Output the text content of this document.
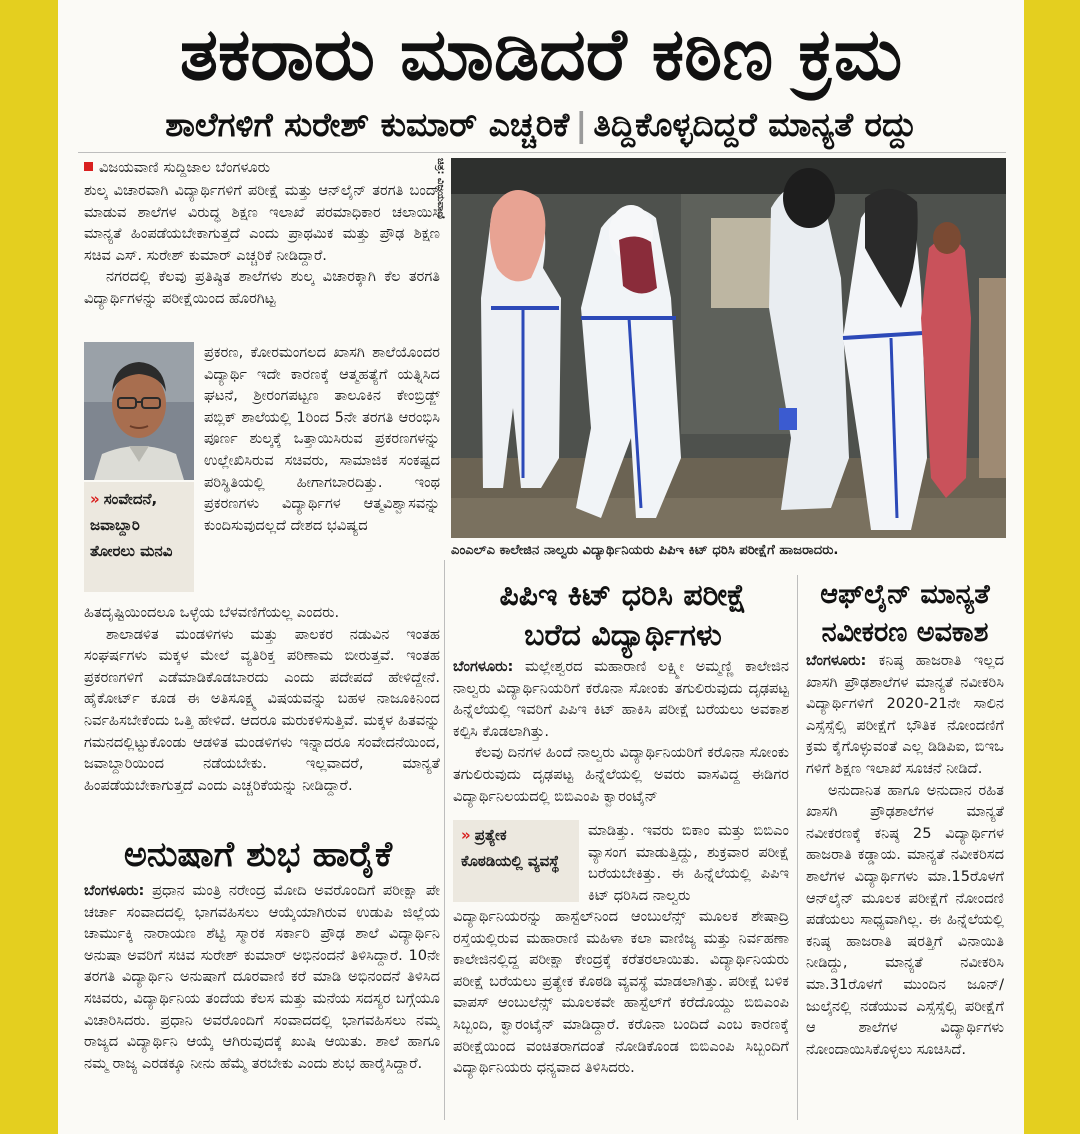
ತಕರಾರು ಮಾಡಿದರೆ ಕಠಿಣ ಕ್ರಮ
ಶಾಲೆಗಳಿಗೆ ಸುರೇಶ್ ಕುಮಾರ್ ಎಚ್ಚರಿಕೆ | ತಿದ್ದಿಕೊಳ್ಳದಿದ್ದರೆ ಮಾನ್ಯತೆ ರದ್ದು
ವಿಜಯವಾಣಿ ಸುದ್ದಿಜಾಲ ಬೆಂಗಳೂರು	ಚಿತ್ರ: ವಿಜಯವಾಣಿ

ಶುಲ್ಕ ವಿಚಾರವಾಗಿ ವಿದ್ಯಾರ್ಥಿಗಳಿಗೆ ಪರೀಕ್ಷೆ ಮತ್ತು ಆನ್‌ಲೈನ್ ತರಗತಿ ಬಂದ್ ಮಾಡುವ ಶಾಲೆಗಳ ವಿರುದ್ಧ ಶಿಕ್ಷಣ ಇಲಾಖೆ ಪರಮಾಧಿಕಾರ ಚಲಾಯಿಸಿ ಮಾನ್ಯತೆ ಹಿಂಪಡೆಯಬೇಕಾಗುತ್ತದೆ ಎಂದು ಪ್ರಾಥಮಿಕ ಮತ್ತು ಪ್ರೌಢ ಶಿಕ್ಷಣ ಸಚಿವ ಎಸ್. ಸುರೇಶ್ ಕುಮಾರ್ ಎಚ್ಚರಿಕೆ ನೀಡಿದ್ದಾರೆ.

ನಗರದಲ್ಲಿ ಕೆಲವು ಪ್ರತಿಷ್ಠಿತ ಶಾಲೆಗಳು ಶುಲ್ಕ ವಿಚಾರಕ್ಕಾಗಿ ಕೆಲ ತರಗತಿ ವಿದ್ಯಾರ್ಥಿಗಳನ್ನು ಪರೀಕ್ಷೆಯಿಂದ ಹೊರಗಿಟ್ಟ

ಪ್ರಕರಣ, ಕೋರಮಂಗಲದ ಖಾಸಗಿ ಶಾಲೆಯೊಂದರ ವಿದ್ಯಾರ್ಥಿ ಇದೇ ಕಾರಣಕ್ಕೆ ಆತ್ಮಹತ್ಯೆಗೆ ಯತ್ನಿಸಿದ ಘಟನೆ, ಶ್ರೀರಂಗಪಟ್ಟಣ ತಾಲೂಕಿನ ಕೇಂಬ್ರಿಡ್ಜ್ ಪಬ್ಲಿಕ್ ಶಾಲೆಯಲ್ಲಿ 1ರಿಂದ 5ನೇ ತರಗತಿ ಆರಂಭಿಸಿ ಪೂರ್ಣ ಶುಲ್ಕಕ್ಕೆ ಒತ್ತಾಯಿಸಿರುವ ಪ್ರಕರಣಗಳನ್ನು ಉಲ್ಲೇಖಿಸಿರುವ ಸಚಿವರು, ಸಾಮಾಜಿಕ ಸಂಕಷ್ಟದ ಪರಿಸ್ಥಿತಿಯಲ್ಲಿ ಹೀಗಾಗಬಾರದಿತ್ತು. ಇಂಥ ಪ್ರಕರಣಗಳು ವಿದ್ಯಾರ್ಥಿಗಳ ಆತ್ಮವಿಶ್ವಾಸವನ್ನು ಕುಂದಿಸುವುದಲ್ಲದೆ ದೇಶದ ಭವಿಷ್ಯದ

» ಸಂವೇದನೆ, ಜವಾಬ್ದಾರಿ ತೋರಲು ಮನವಿ

ಹಿತದೃಷ್ಟಿಯಿಂದಲೂ ಒಳ್ಳೆಯ ಬೆಳವಣಿಗೆಯಲ್ಲ ಎಂದರು.

ಶಾಲಾಡಳಿತ ಮಂಡಳಿಗಳು ಮತ್ತು ಪಾಲಕರ ನಡುವಿನ ಇಂತಹ ಸಂಘರ್ಷಗಳು ಮಕ್ಕಳ ಮೇಲೆ ವ್ಯತಿರಿಕ್ತ ಪರಿಣಾಮ ಬೀರುತ್ತವೆ. ಇಂತಹ ಪ್ರಕರಣಗಳಿಗೆ ಎಡೆಮಾಡಿಕೊಡಬಾರದು ಎಂದು ಪದೇಪದೆ ಹೇಳಿದ್ದೇನೆ. ಹೈಕೋರ್ಟ್ ಕೂಡ ಈ ಅತಿಸೂಕ್ಷ್ಮ ವಿಷಯವನ್ನು ಬಹಳ ನಾಜೂಕಿನಿಂದ ನಿರ್ವಹಿಸಬೇಕೆಂದು ಒತ್ತಿ ಹೇಳಿದೆ. ಆದರೂ ಮರುಕಳಿಸುತ್ತಿವೆ. ಮಕ್ಕಳ ಹಿತವನ್ನು ಗಮನದಲ್ಲಿಟ್ಟುಕೊಂಡು ಆಡಳಿತ ಮಂಡಳಿಗಳು ಇನ್ನಾದರೂ ಸಂವೇದನೆಯಿಂದ, ಜವಾಬ್ದಾರಿಯಿಂದ ನಡೆಯಬೇಕು. ಇಲ್ಲವಾದರೆ, ಮಾನ್ಯತೆ ಹಿಂಪಡೆಯಬೇಕಾಗುತ್ತದೆ ಎಂದು ಎಚ್ಚರಿಕೆಯನ್ನು ನೀಡಿದ್ದಾರೆ.

ಎಂಎಲ್‌ಎ ಕಾಲೇಜಿನ ನಾಲ್ವರು ವಿದ್ಯಾರ್ಥಿನಿಯರು ಪಿಪಿಇ ಕಿಟ್ ಧರಿಸಿ ಪರೀಕ್ಷೆಗೆ ಹಾಜರಾದರು.
ಅನುಷಾಗೆ ಶುಭ ಹಾರೈಕೆ

ಬೆಂಗಳೂರು: ಪ್ರಧಾನ ಮಂತ್ರಿ ನರೇಂದ್ರ ಮೋದಿ ಅವರೊಂದಿಗೆ ಪರೀಕ್ಷಾ ಪೇ ಚರ್ಚಾ ಸಂವಾದದಲ್ಲಿ ಭಾಗವಹಿಸಲು ಆಯ್ಕೆಯಾಗಿರುವ ಉಡುಪಿ ಜಿಲ್ಲೆಯ ಚಾರ್ಮುಕ್ಕಿ ನಾರಾಯಣ ಶೆಟ್ಟಿ ಸ್ಮಾರಕ ಸರ್ಕಾರಿ ಪ್ರೌಢ ಶಾಲೆ ವಿದ್ಯಾರ್ಥಿನಿ ಅನುಷಾ ಅವರಿಗೆ ಸಚಿವ ಸುರೇಶ್ ಕುಮಾರ್ ಅಭಿನಂದನೆ ತಿಳಿಸಿದ್ದಾರೆ. 10ನೇ ತರಗತಿ ವಿದ್ಯಾರ್ಥಿನಿ ಅನುಷಾಗೆ ದೂರವಾಣಿ ಕರೆ ಮಾಡಿ ಅಭಿನಂದನೆ ತಿಳಿಸಿದ ಸಚಿವರು, ವಿದ್ಯಾರ್ಥಿನಿಯ ತಂದೆಯ ಕೆಲಸ ಮತ್ತು ಮನೆಯ ಸದಸ್ಯರ ಬಗ್ಗೆಯೂ ವಿಚಾರಿಸಿದರು. ಪ್ರಧಾನಿ ಅವರೊಂದಿಗೆ ಸಂವಾದದಲ್ಲಿ ಭಾಗವಹಿಸಲು ನಮ್ಮ ರಾಜ್ಯದ ವಿದ್ಯಾರ್ಥಿನಿ ಆಯ್ಕೆ ಆಗಿರುವುದಕ್ಕೆ ಖುಷಿ ಆಯಿತು. ಶಾಲೆ ಹಾಗೂ ನಮ್ಮ ರಾಜ್ಯ ಎರಡಕ್ಕೂ ನೀನು ಹೆಮ್ಮೆ ತರಬೇಕು ಎಂದು ಶುಭ ಹಾರೈಸಿದ್ದಾರೆ.

ಪಿಪಿಇ ಕಿಟ್ ಧರಿಸಿ ಪರೀಕ್ಷೆ
ಬರೆದ ವಿದ್ಯಾರ್ಥಿಗಳು

ಬೆಂಗಳೂರು: ಮಲ್ಲೇಶ್ವರದ ಮಹಾರಾಣಿ ಲಕ್ಷ್ಮೀ ಅಮ್ಮಣ್ಣಿ ಕಾಲೇಜಿನ ನಾಲ್ವರು ವಿದ್ಯಾರ್ಥಿನಿಯರಿಗೆ ಕರೊನಾ ಸೋಂಕು ತಗುಲಿರುವುದು ದೃಢಪಟ್ಟ ಹಿನ್ನೆಲೆಯಲ್ಲಿ ಇವರಿಗೆ ಪಿಪಿಇ ಕಿಟ್ ಹಾಕಿಸಿ ಪರೀಕ್ಷೆ ಬರೆಯಲು ಅವಕಾಶ ಕಲ್ಪಿಸಿ ಕೊಡಲಾಗಿತ್ತು.

ಕೆಲವು ದಿನಗಳ ಹಿಂದೆ ನಾಲ್ವರು ವಿದ್ಯಾರ್ಥಿನಿಯರಿಗೆ ಕರೊನಾ ಸೋಂಕು ತಗುಲಿರುವುದು ದೃಢಪಟ್ಟ ಹಿನ್ನೆಲೆಯಲ್ಲಿ ಅವರು ವಾಸವಿದ್ದ ಈಡಿಗರ ವಿದ್ಯಾರ್ಥಿನಿಲಯದಲ್ಲಿ ಬಿಬಿಎಂಪಿ ಕ್ವಾರಂಟೈನ್

» ಪ್ರತ್ಯೇಕ ಕೊಠಡಿಯಲ್ಲಿ ವ್ಯವಸ್ಥೆ

ಮಾಡಿತ್ತು. ಇವರು ಬಿಕಾಂ ಮತ್ತು ಬಿಬಿಎಂ ವ್ಯಾಸಂಗ ಮಾಡುತ್ತಿದ್ದು, ಶುಕ್ರವಾರ ಪರೀಕ್ಷೆ ಬರೆಯಬೇಕಿತ್ತು. ಈ ಹಿನ್ನೆಲೆಯಲ್ಲಿ ಪಿಪಿಇ ಕಿಟ್ ಧರಿಸಿದ ನಾಲ್ವರು

ವಿದ್ಯಾರ್ಥಿನಿಯರನ್ನು ಹಾಸ್ಟೆಲ್‌ನಿಂದ ಆಂಬುಲೆನ್ಸ್ ಮೂಲಕ ಶೇಷಾದ್ರಿ ರಸ್ತೆಯಲ್ಲಿರುವ ಮಹಾರಾಣಿ ಮಹಿಳಾ ಕಲಾ ವಾಣಿಜ್ಯ ಮತ್ತು ನಿರ್ವಹಣಾ ಕಾಲೇಜಿನಲ್ಲಿದ್ದ ಪರೀಕ್ಷಾ ಕೇಂದ್ರಕ್ಕೆ ಕರೆತರಲಾಯಿತು. ವಿದ್ಯಾರ್ಥಿನಿಯರು ಪರೀಕ್ಷೆ ಬರೆಯಲು ಪ್ರತ್ಯೇಕ ಕೊಠಡಿ ವ್ಯವಸ್ಥೆ ಮಾಡಲಾಗಿತ್ತು. ಪರೀಕ್ಷೆ ಬಳಿಕ ವಾಪಸ್ ಆಂಬುಲೆನ್ಸ್ ಮೂಲಕವೇ ಹಾಸ್ಟೆಲ್‌ಗೆ ಕರೆದೊಯ್ದು ಬಿಬಿಎಂಪಿ ಸಿಬ್ಬಂದಿ, ಕ್ವಾರಂಟೈನ್ ಮಾಡಿದ್ದಾರೆ. ಕರೊನಾ ಬಂದಿದೆ ಎಂಬ ಕಾರಣಕ್ಕೆ ಪರೀಕ್ಷೆಯಿಂದ ವಂಚಿತರಾಗದಂತೆ ನೋಡಿಕೊಂಡ ಬಿಬಿಎಂಪಿ ಸಿಬ್ಬಂದಿಗೆ ವಿದ್ಯಾರ್ಥಿನಿಯರು ಧನ್ಯವಾದ ತಿಳಿಸಿದರು.

ಆಫ್‌ಲೈನ್ ಮಾನ್ಯತೆ
ನವೀಕರಣ ಅವಕಾಶ

ಬೆಂಗಳೂರು: ಕನಿಷ್ಠ ಹಾಜರಾತಿ ಇಲ್ಲದ ಖಾಸಗಿ ಪ್ರೌಢಶಾಲೆಗಳ ಮಾನ್ಯತೆ ನವೀಕರಿಸಿ ವಿದ್ಯಾರ್ಥಿಗಳಿಗೆ 2020-21ನೇ ಸಾಲಿನ ಎಸ್ಸೆಸ್ಸೆಲ್ಸಿ ಪರೀಕ್ಷೆಗೆ ಭೌತಿಕ ನೋಂದಣಿಗೆ ಕ್ರಮ ಕೈಗೊಳ್ಳುವಂತೆ ಎಲ್ಲ ಡಿಡಿಪಿಐ, ಬಿಇಒ ಗಳಿಗೆ ಶಿಕ್ಷಣ ಇಲಾಖೆ ಸೂಚನೆ ನೀಡಿದೆ.

ಅನುದಾನಿತ ಹಾಗೂ ಅನುದಾನ ರಹಿತ ಖಾಸಗಿ ಪ್ರೌಢಶಾಲೆಗಳ ಮಾನ್ಯತೆ ನವೀಕರಣಕ್ಕೆ ಕನಿಷ್ಠ 25 ವಿದ್ಯಾರ್ಥಿಗಳ ಹಾಜರಾತಿ ಕಡ್ಡಾಯ. ಮಾನ್ಯತೆ ನವೀಕರಿಸದ ಶಾಲೆಗಳ ವಿದ್ಯಾರ್ಥಿಗಳು ಮಾ.15ರೊಳಗೆ ಆನ್‌ಲೈನ್ ಮೂಲಕ ಪರೀಕ್ಷೆಗೆ ನೋಂದಣಿ ಪಡೆಯಲು ಸಾಧ್ಯವಾಗಿಲ್ಲ. ಈ ಹಿನ್ನೆಲೆಯಲ್ಲಿ ಕನಿಷ್ಠ ಹಾಜರಾತಿ ಷರತ್ತಿಗೆ ವಿನಾಯಿತಿ ನೀಡಿದ್ದು, ಮಾನ್ಯತೆ ನವೀಕರಿಸಿ ಮಾ.31ರೊಳಗೆ ಮುಂದಿನ ಜೂನ್/ಜುಲೈನಲ್ಲಿ ನಡೆಯುವ ಎಸ್ಸೆಸ್ಸೆಲ್ಸಿ ಪರೀಕ್ಷೆಗೆ ಆ ಶಾಲೆಗಳ ವಿದ್ಯಾರ್ಥಿಗಳು ನೋಂದಾಯಿಸಿಕೊಳ್ಳಲು ಸೂಚಿಸಿದೆ.
